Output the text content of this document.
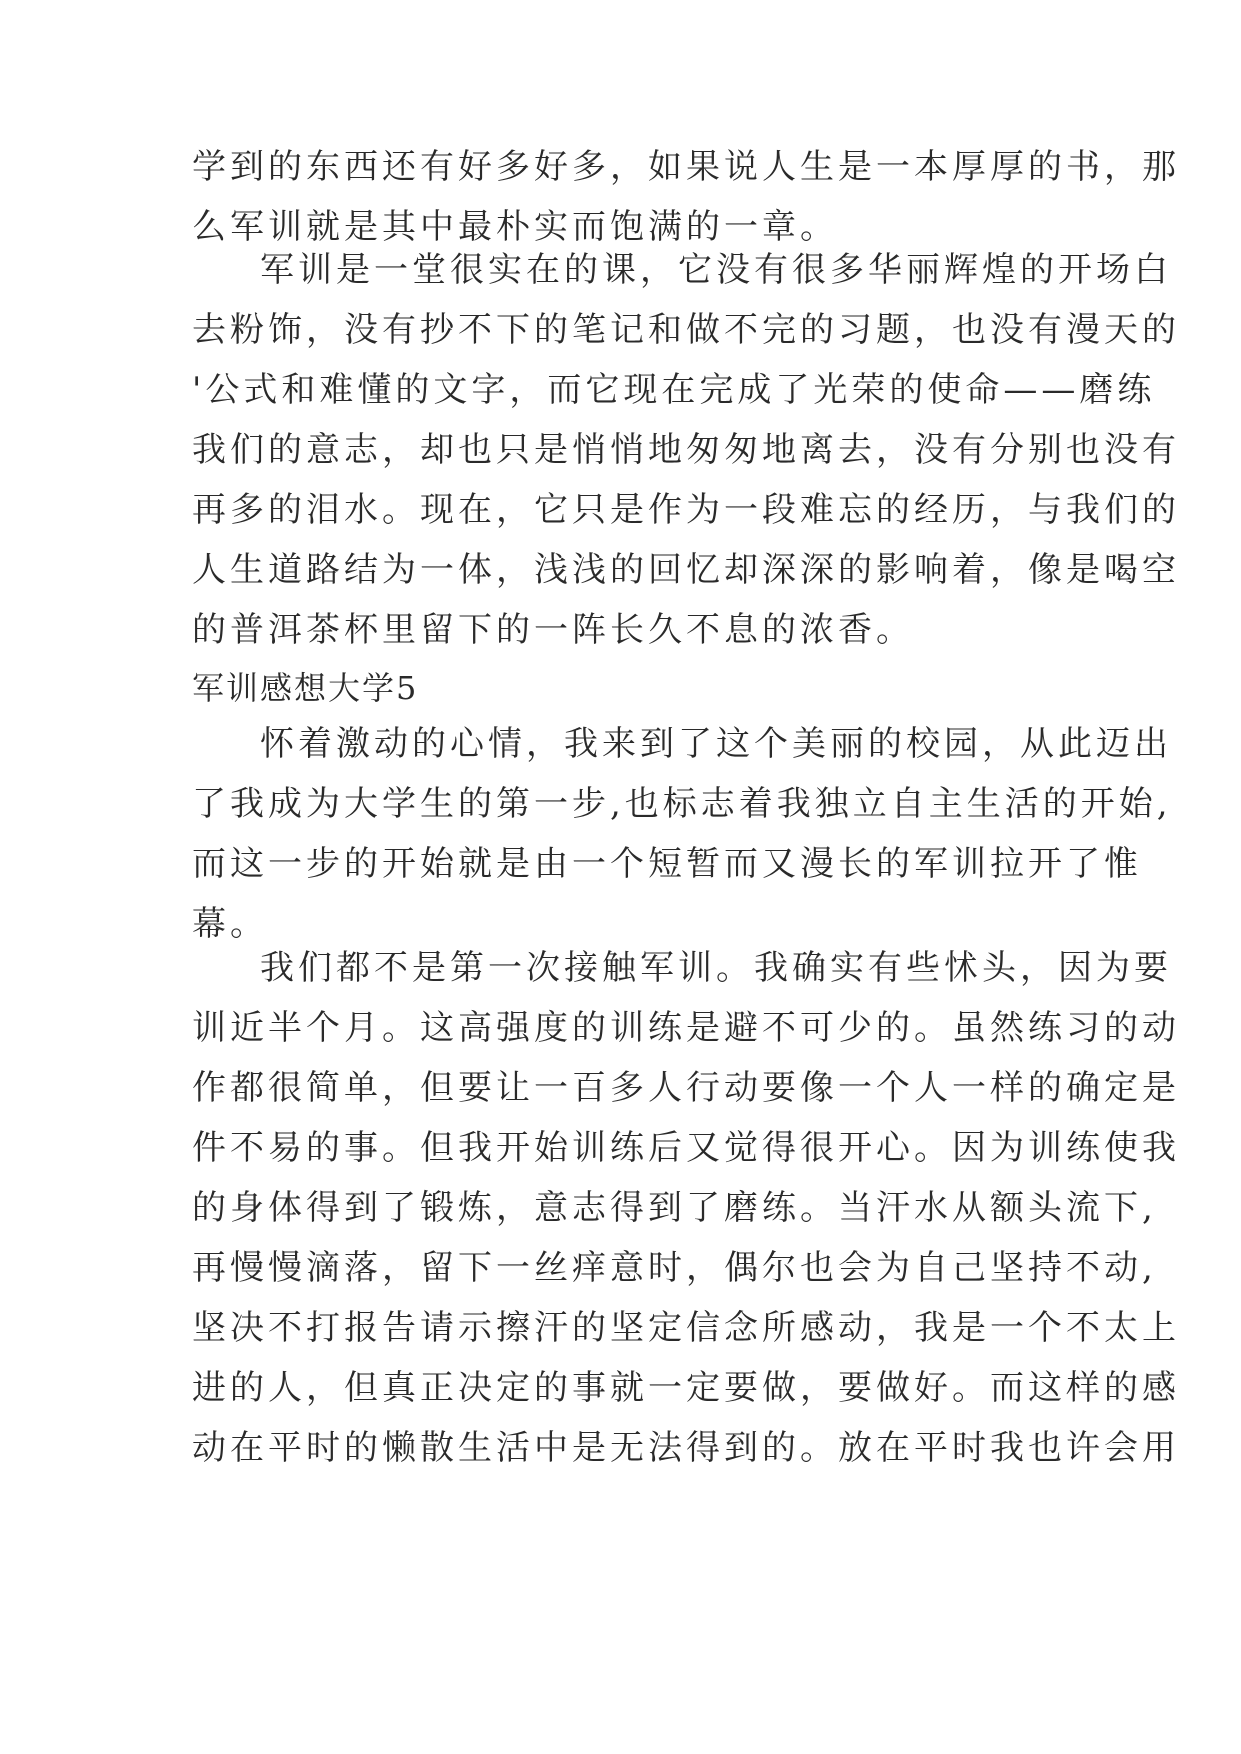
学到的东西还有好多好多，如果说人生是一本厚厚的书，那
么军训就是其中最朴实而饱满的一章。
军训是一堂很实在的课，它没有很多华丽辉煌的开场白
去粉饰，没有抄不下的笔记和做不完的习题，也没有漫天的
'公式和难懂的文字，而它现在完成了光荣的使命——磨练
我们的意志，却也只是悄悄地匆匆地离去，没有分别也没有
再多的泪水。现在，它只是作为一段难忘的经历，与我们的
人生道路结为一体，浅浅的回忆却深深的影响着，像是喝空
的普洱茶杯里留下的一阵长久不息的浓香。
军训感想大学5
怀着激动的心情，我来到了这个美丽的校园，从此迈出
了我成为大学生的第一步,也标志着我独立自主生活的开始,
而这一步的开始就是由一个短暂而又漫长的军训拉开了惟
幕。
我们都不是第一次接触军训。我确实有些怵头，因为要
训近半个月。这高强度的训练是避不可少的。虽然练习的动
作都很简单，但要让一百多人行动要像一个人一样的确定是
件不易的事。但我开始训练后又觉得很开心。因为训练使我
的身体得到了锻炼，意志得到了磨练。当汗水从额头流下,
再慢慢滴落，留下一丝痒意时，偶尔也会为自己坚持不动,
坚决不打报告请示擦汗的坚定信念所感动，我是一个不太上
进的人，但真正决定的事就一定要做，要做好。而这样的感
动在平时的懒散生活中是无法得到的。放在平时我也许会用
